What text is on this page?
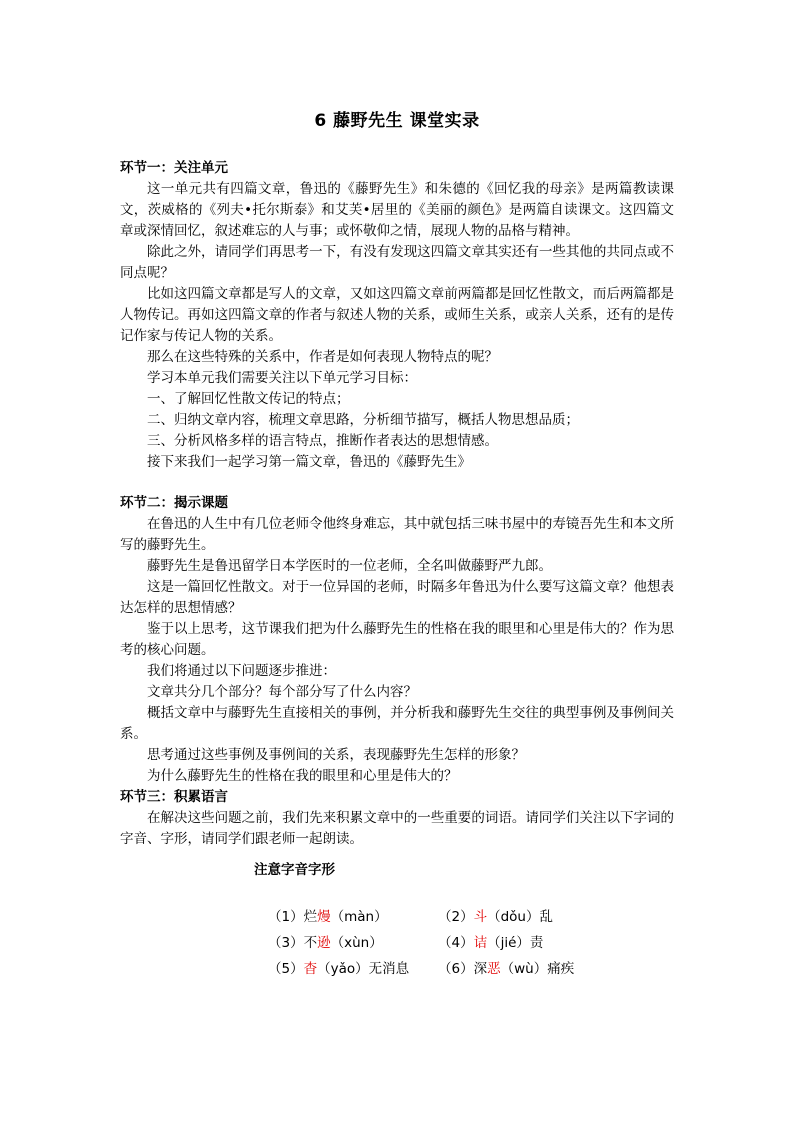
6 藤野先生 课堂实录
环节一：关注单元

这一单元共有四篇文章，鲁迅的《藤野先生》和朱德的《回忆我的母亲》是两篇教读课文，茨威格的《列夫•托尔斯泰》和艾芙•居里的《美丽的颜色》是两篇自读课文。这四篇文章或深情回忆，叙述难忘的人与事；或怀敬仰之情，展现人物的品格与精神。

除此之外，请同学们再思考一下，有没有发现这四篇文章其实还有一些其他的共同点或不同点呢？

比如这四篇文章都是写人的文章，又如这四篇文章前两篇都是回忆性散文，而后两篇都是人物传记。再如这四篇文章的作者与叙述人物的关系，或师生关系，或亲人关系，还有的是传记作家与传记人物的关系。

那么在这些特殊的关系中，作者是如何表现人物特点的呢？

学习本单元我们需要关注以下单元学习目标：

一、了解回忆性散文传记的特点；

二、归纳文章内容，梳理文章思路，分析细节描写，概括人物思想品质；

三、分析风格多样的语言特点，推断作者表达的思想情感。

接下来我们一起学习第一篇文章，鲁迅的《藤野先生》

环节二：揭示课题

在鲁迅的人生中有几位老师令他终身难忘，其中就包括三味书屋中的寿镜吾先生和本文所写的藤野先生。

藤野先生是鲁迅留学日本学医时的一位老师，全名叫做藤野严九郎。

这是一篇回忆性散文。对于一位异国的老师，时隔多年鲁迅为什么要写这篇文章？他想表达怎样的思想情感？

鉴于以上思考，这节课我们把为什么藤野先生的性格在我的眼里和心里是伟大的？作为思考的核心问题。

我们将通过以下问题逐步推进：

文章共分几个部分？每个部分写了什么内容？

概括文章中与藤野先生直接相关的事例，并分析我和藤野先生交往的典型事例及事例间关系。

思考通过这些事例及事例间的关系，表现藤野先生怎样的形象？

为什么藤野先生的性格在我的眼里和心里是伟大的？

环节三：积累语言

在解决这些问题之前，我们先来积累文章中的一些重要的词语。请同学们关注以下字词的字音、字形，请同学们跟老师一起朗读。

注意字音字形
（1）烂熳（màn）	（2）斗（dǒu）乱
（3）不逊（xùn）	（4）诘（jié）责
（5）杳（yǎo）无消息	（6）深恶（wù）痛疾
